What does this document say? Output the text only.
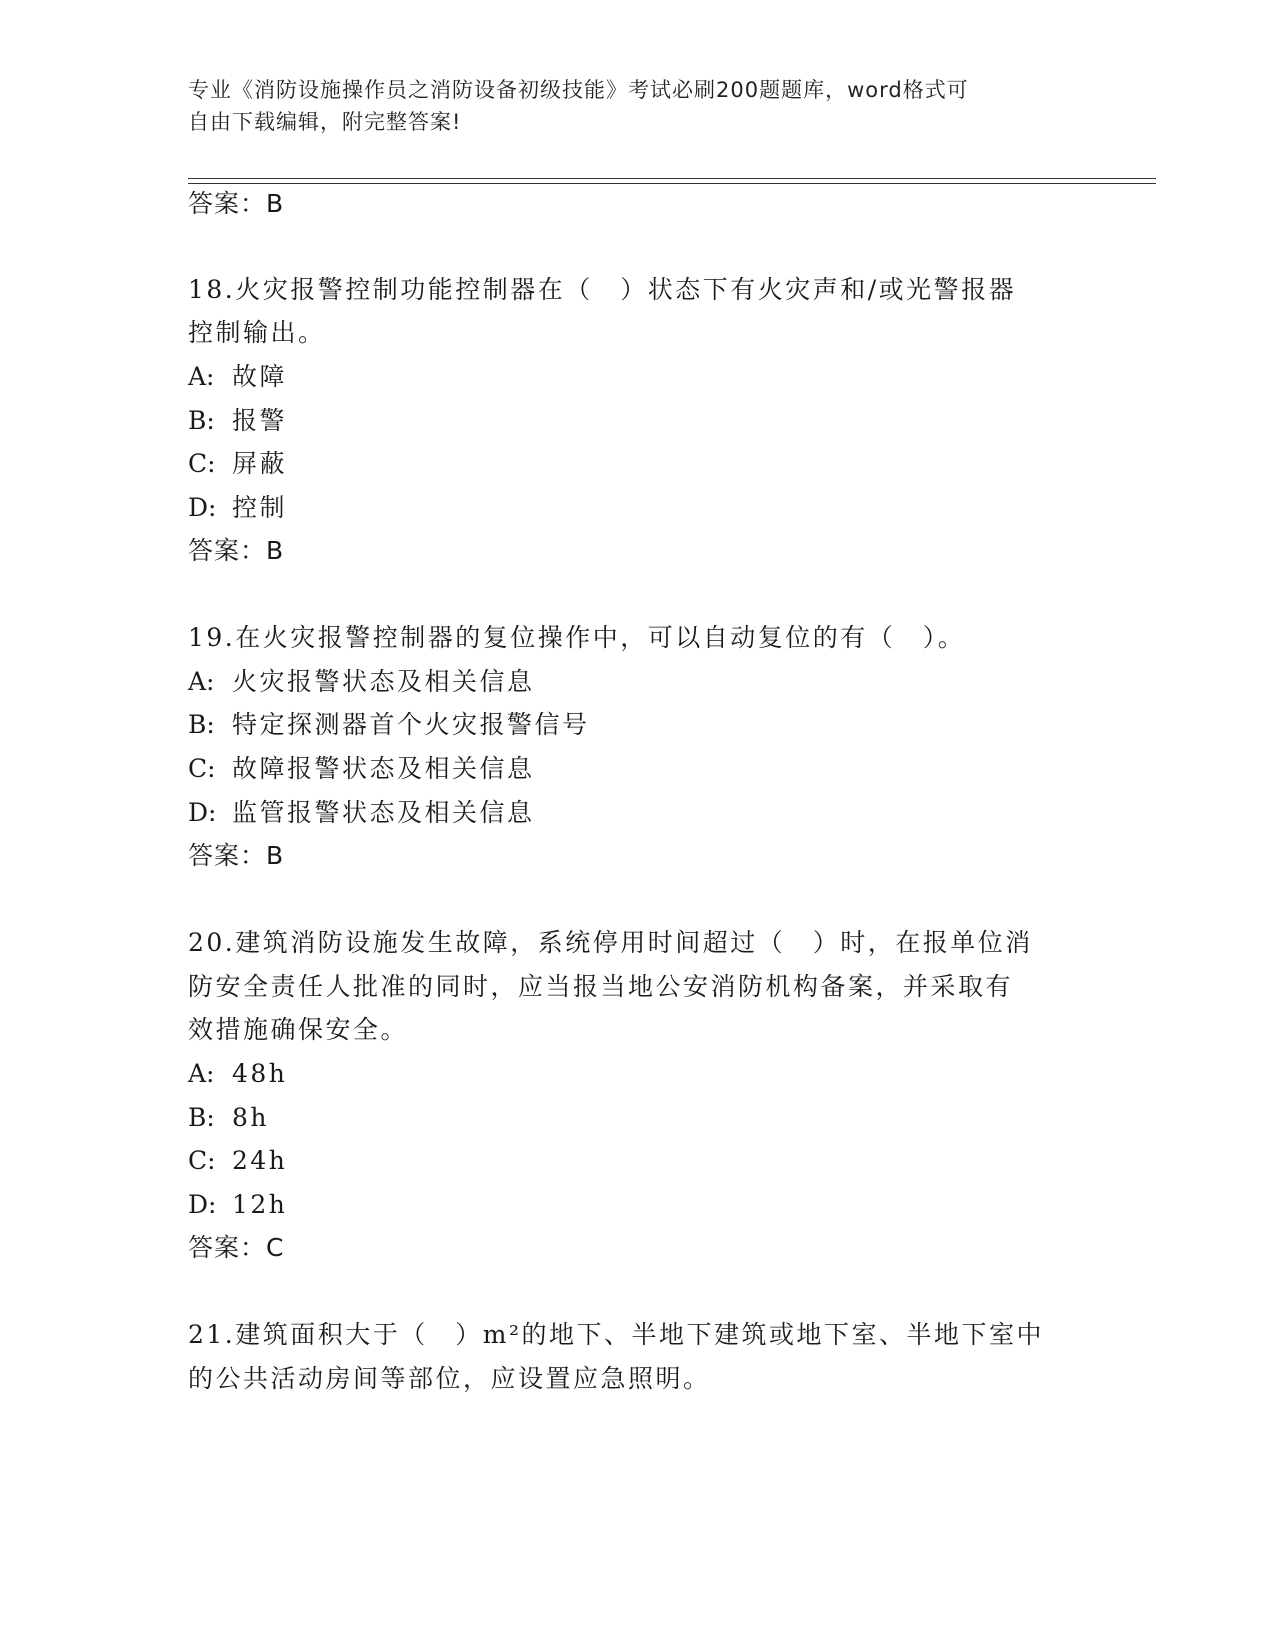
专业《消防设施操作员之消防设备初级技能》考试必刷200题题库，word格式可
自由下载编辑，附完整答案!
答案：B
18.火灾报警控制功能控制器在（　）状态下有火灾声和/或光警报器
控制输出。
A: 故障
B: 报警
C: 屏蔽
D: 控制
答案：B
19.在火灾报警控制器的复位操作中，可以自动复位的有（　）。
A: 火灾报警状态及相关信息
B: 特定探测器首个火灾报警信号
C: 故障报警状态及相关信息
D: 监管报警状态及相关信息
答案：B
20.建筑消防设施发生故障，系统停用时间超过（　）时，在报单位消
防安全责任人批准的同时，应当报当地公安消防机构备案，并采取有
效措施确保安全。
A: 48h
B: 8h
C: 24h
D: 12h
答案：C
21.建筑面积大于（　）m²的地下、半地下建筑或地下室、半地下室中
的公共活动房间等部位，应设置应急照明。
